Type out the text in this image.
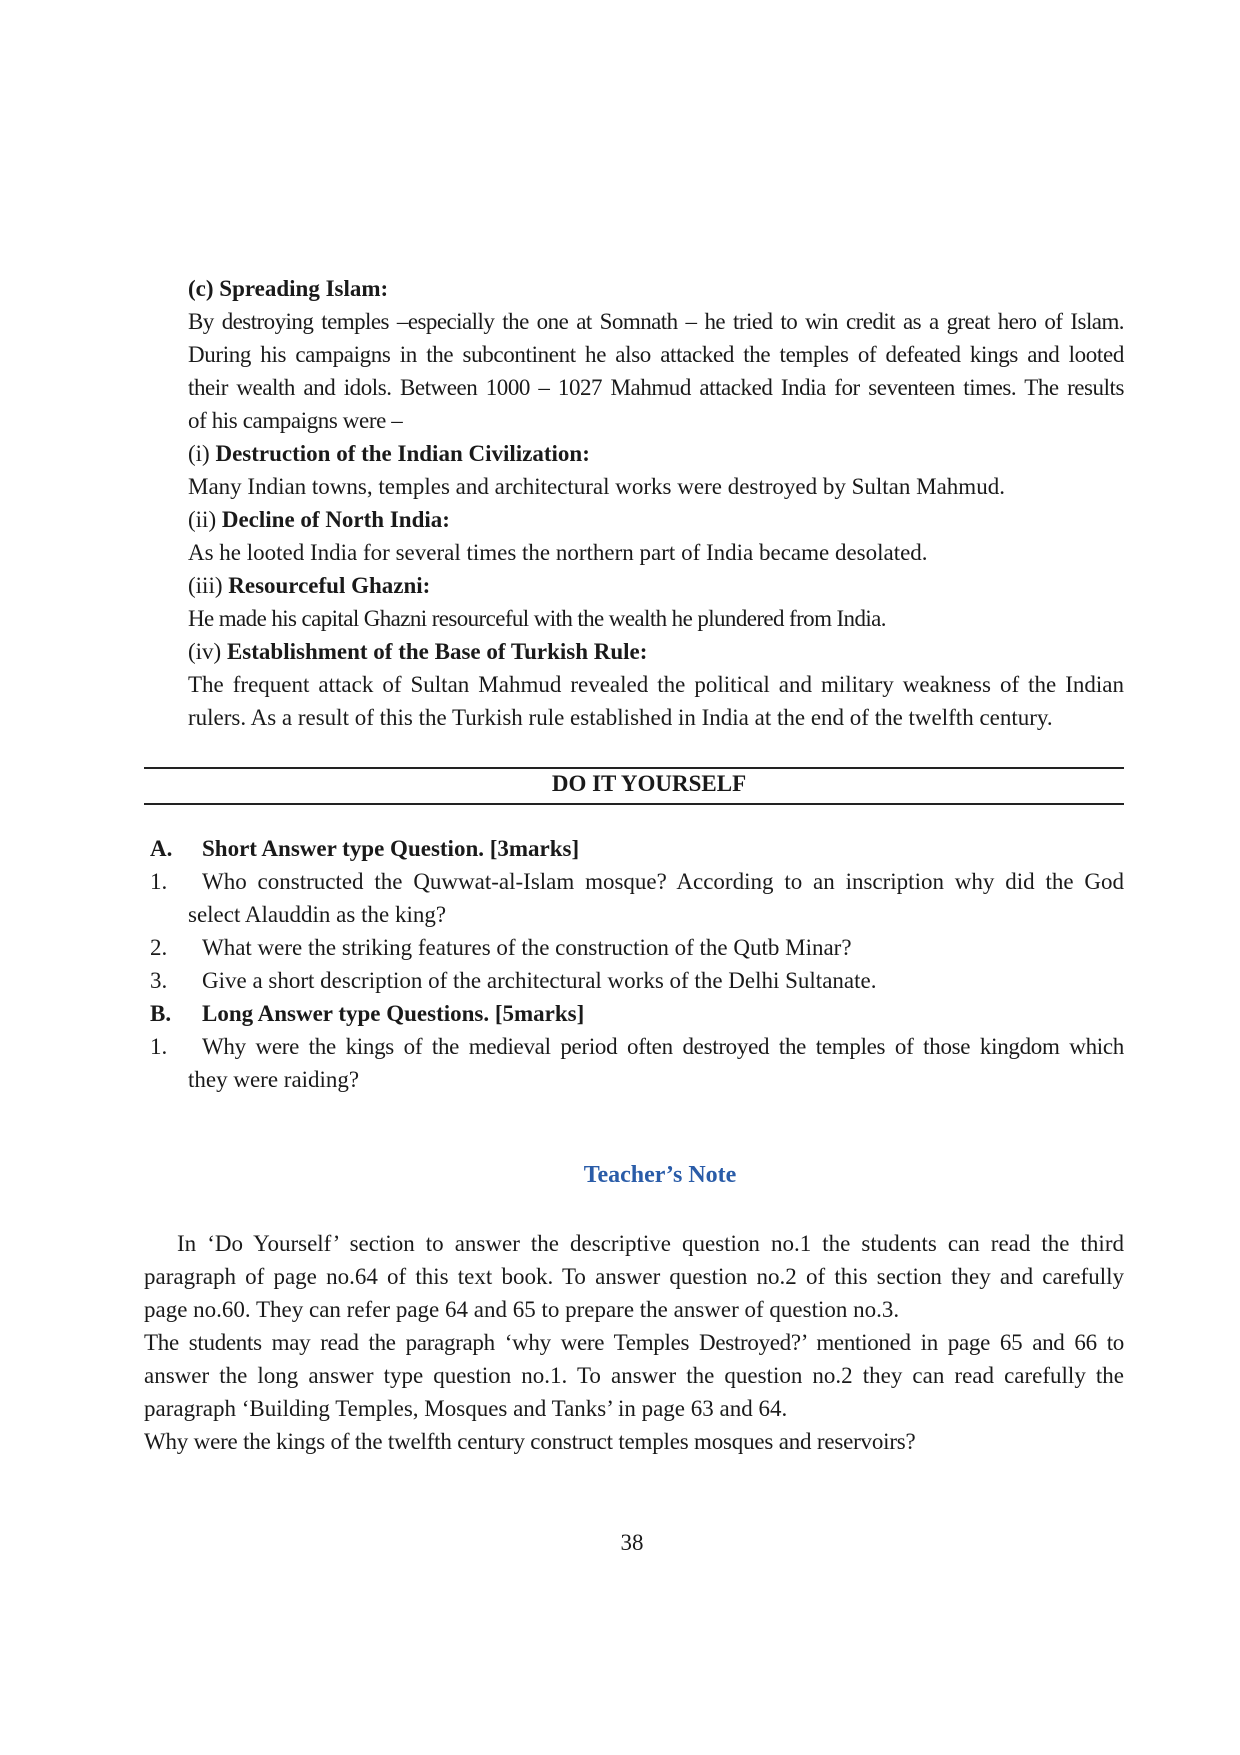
(c) Spreading Islam:
By destroying temples –especially the one at Somnath – he tried to win credit as a great hero of Islam.
During his campaigns in the subcontinent he also attacked the temples of defeated kings and looted
their wealth and idols. Between 1000 – 1027 Mahmud attacked India for seventeen times. The results
of his campaigns were –
(i) Destruction of the Indian Civilization:
Many Indian towns, temples and architectural works were destroyed by Sultan Mahmud.
(ii) Decline of North India:
As he looted India for several times the northern part of India became desolated.
(iii) Resourceful Ghazni:
He made his capital Ghazni resourceful with the wealth he plundered from India.
(iv) Establishment of the Base of Turkish Rule:
The frequent attack of Sultan Mahmud revealed the political and military weakness of the Indian
rulers. As a result of this the Turkish rule established in India at the end of the twelfth century.
DO IT YOURSELF
A.	Short Answer type Question. [3marks]
1.	Who constructed the Quwwat-al-Islam mosque? According to an inscription why did the God
select Alauddin as the king?
2.	What were the striking features of the construction of the Qutb Minar?
3.	Give a short description of the architectural works of the Delhi Sultanate.
B.	Long Answer type Questions. [5marks]
1.	Why were the kings of the medieval period often destroyed the temples of those kingdom which
they were raiding?
Teacher’s Note
In ‘Do Yourself’ section to answer the descriptive question no.1 the students can read the third
paragraph of page no.64 of this text book. To answer question no.2 of this section they and carefully
page no.60. They can refer page 64 and 65 to prepare the answer of question no.3.
The students may read the paragraph ‘why were Temples Destroyed?’ mentioned in page 65 and 66 to
answer the long answer type question no.1. To answer the question no.2 they can read carefully the
paragraph ‘Building Temples, Mosques and Tanks’ in page 63 and 64.
Why were the kings of the twelfth century construct temples mosques and reservoirs?
38
